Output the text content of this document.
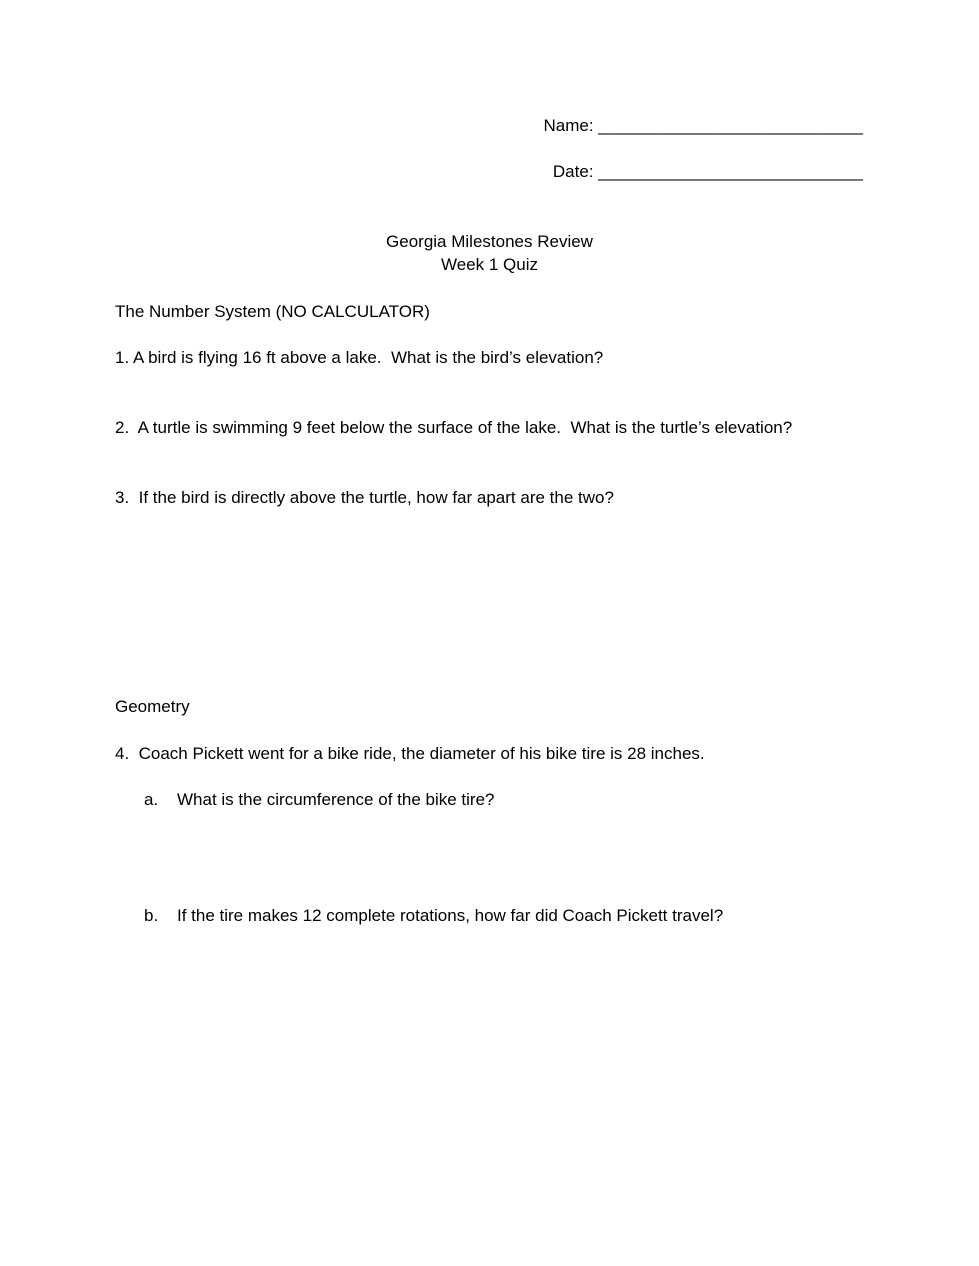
Name: ____________________________
Date: ____________________________
Georgia Milestones Review
Week 1 Quiz
The Number System (NO CALCULATOR)
1. A bird is flying 16 ft above a lake.  What is the bird’s elevation?
2.  A turtle is swimming 9 feet below the surface of the lake.  What is the turtle’s elevation?
3.  If the bird is directly above the turtle, how far apart are the two?
Geometry
4.  Coach Pickett went for a bike ride, the diameter of his bike tire is 28 inches.
a. What is the circumference of the bike tire?
b. If the tire makes 12 complete rotations, how far did Coach Pickett travel?
